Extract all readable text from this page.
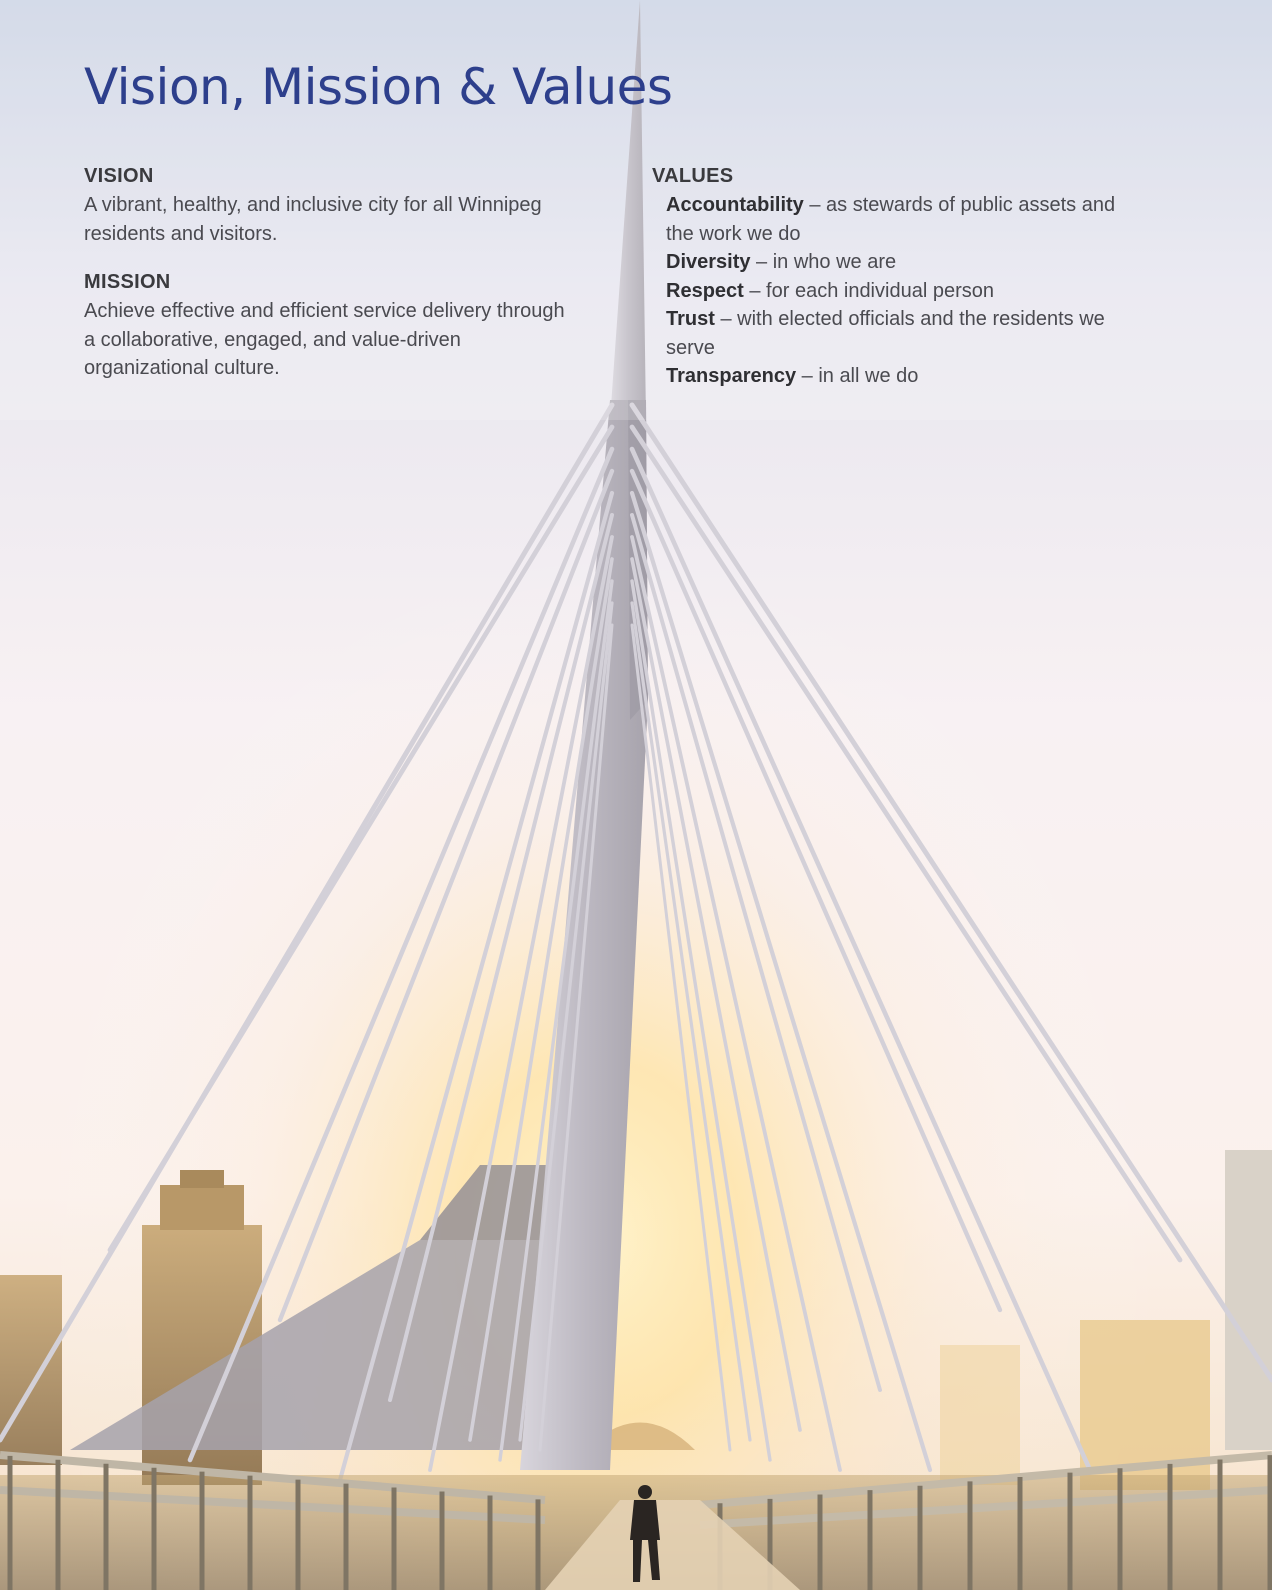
Vision, Mission & Values
VISION

A vibrant, healthy, and inclusive city for all Winnipeg residents and visitors.

MISSION

Achieve effective and efficient service delivery through a collaborative, engaged, and value-driven organizational culture.

VALUES
Accountability – as stewards of public assets and the work we do
Diversity – in who we are
Respect – for each individual person
Trust – with elected officials and the residents we serve
Transparency – in all we do
